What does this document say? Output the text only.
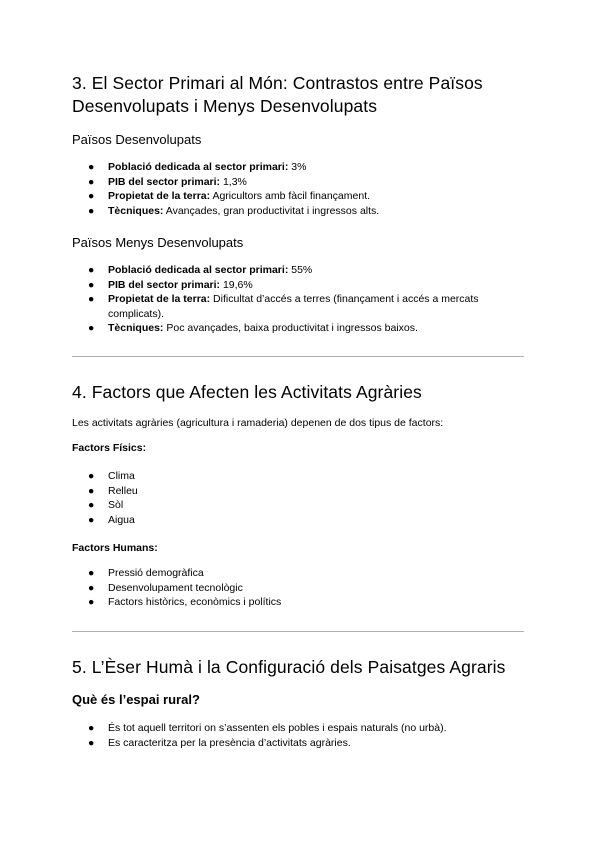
3. El Sector Primari al Món: Contrastos entre Països
Desenvolupats i Menys Desenvolupats
Països Desenvolupats
● Població dedicada al sector primari: 3%
● PIB del sector primari: 1,3%
● Propietat de la terra: Agricultors amb fàcil finançament.
● Tècniques: Avançades, gran productivitat i ingressos alts.
Països Menys Desenvolupats
● Població dedicada al sector primari: 55%
● PIB del sector primari: 19,6%
● Propietat de la terra: Dificultat d’accés a terres (finançament i accés a mercats complicats).
● Tècniques: Poc avançades, baixa productivitat i ingressos baixos.
4. Factors que Afecten les Activitats Agràries

Les activitats agràries (agricultura i ramaderia) depenen de dos tipus de factors:

Factors Físics:
● Clima
● Relleu
● Sòl
● Aigua
Factors Humans:
● Pressió demogràfica
● Desenvolupament tecnològic
● Factors històrics, econòmics i polítics
5. L’Èser Humà i la Configuració dels Paisatges Agraris
Què és l’espai rural?
● És tot aquell territori on s’assenten els pobles i espais naturals (no urbà).
● Es caracteritza per la presència d’activitats agràries.
